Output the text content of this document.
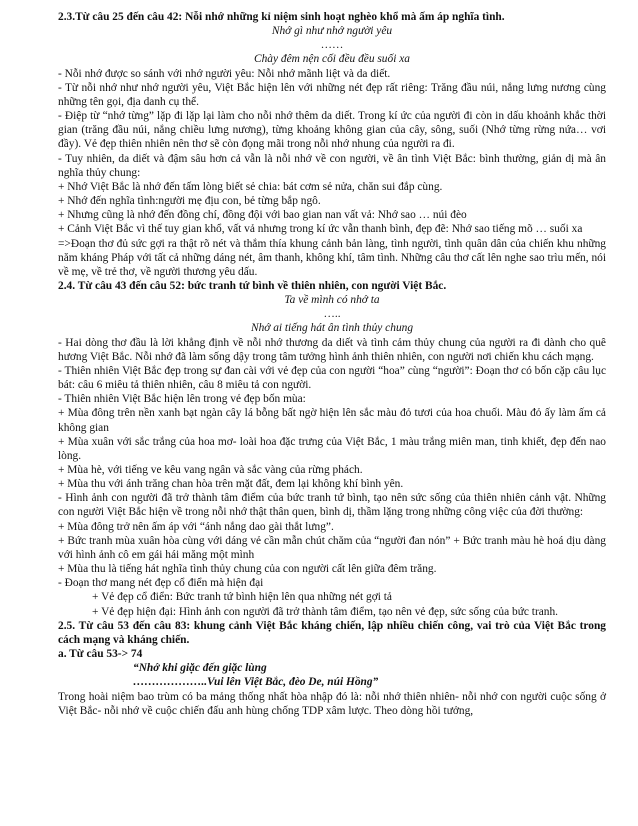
2.3.Từ câu 25 đến câu 42: Nỗi nhớ những kỉ niệm sinh hoạt nghèo khổ mà ấm áp nghĩa tình.

Nhớ gì như nhớ người yêu

……

Chày đêm nện cối đều đều suối xa

- Nỗi nhớ được so sánh với nhớ người yêu: Nỗi nhớ mãnh liệt và da diết.

- Từ nỗi nhớ như nhớ người yêu, Việt Bắc hiện lên với những nét đẹp rất riêng: Trăng đầu núi, nắng lưng nương cùng những tên gọi, địa danh cụ thể.

- Điệp từ “nhớ từng” lặp đi lặp lại làm cho nỗi nhớ thêm da diết. Trong kí ức của người đi còn in dấu khoảnh khắc thời gian (trăng đầu núi, nắng chiều lưng nương), từng khoảng không gian của cây, sông, suối (Nhớ từng rừng nứa… vơi đầy). Vẻ đẹp thiên nhiên nên thơ sẽ còn đọng mãi trong nỗi nhớ nhung của người ra đi.

- Tuy nhiên, da diết và đậm sâu hơn cả vẫn là nỗi nhớ về con người, về ân tình Việt Bắc: bình thường, giản dị mà ân nghĩa thủy chung:

+ Nhớ Việt Bắc là nhớ đến tấm lòng biết sẻ chia: bát cơm sẻ nửa, chăn sui đắp cùng.

+ Nhớ đến nghĩa tình:người mẹ địu con, bẻ từng bắp ngô.

+ Nhưng cũng là nhớ đến đồng chí, đồng đội với bao gian nan vất vả: Nhớ sao … núi đèo

+ Cảnh Việt Bắc vì thế tuy gian khổ, vất vả nhưng trong kí ức vẫn thanh bình, đẹp đẽ: Nhớ sao tiếng mõ … suối xa

=>Đoạn thơ đủ sức gợi ra thật rõ nét và thắm thía khung cảnh bản làng, tình người, tình quân dân của chiến khu những năm kháng Pháp với tất cả những dáng nét, âm thanh, không khí, tâm tình. Những câu thơ cất lên nghe sao trìu mến, nói về mẹ, về trẻ thơ, về người thương yêu dấu.

2.4. Từ câu 43 đến câu 52: bức tranh tứ bình về thiên nhiên, con người Việt Bắc.

Ta về mình có nhớ ta

…..

Nhớ ai tiếng hát ân tình thủy chung

- Hai dòng thơ đầu là lời khẳng định về nỗi nhớ thương da diết và tình cảm thủy chung của người ra đi dành cho quê hương Việt Bắc. Nỗi nhớ đã làm sống dậy trong tâm tưởng hình ảnh thiên nhiên, con người nơi chiến khu cách mạng.

- Thiên nhiên Việt Bắc đẹp trong sự đan cài với vẻ đẹp của con người “hoa” cùng “người”: Đoạn thơ có bốn cặp câu lục bát: câu 6 miêu tả thiên nhiên, câu 8 miêu tả con người.

- Thiên nhiên Việt Bắc hiện lên trong vẻ đẹp bốn mùa:

+ Mùa đông trên nền xanh bạt ngàn cây lá bỗng bất ngờ hiện lên sắc màu đỏ tươi của hoa chuối. Màu đỏ ấy làm ấm cả không gian

+ Mùa xuân với sắc trắng của hoa mơ- loài hoa đặc trưng của Việt Bắc, 1 màu trắng miên man, tinh khiết, đẹp đến nao lòng.

+ Mùa hè, với tiếng ve kêu vang ngân và sắc vàng của rừng phách.

+ Mùa thu với ánh trăng chan hòa trên mặt đất, đem lại không khí bình yên.

- Hình ảnh con người đã trở thành tâm điểm của bức tranh tứ bình, tạo nên sức sống của thiên nhiên cảnh vật. Những con người Việt Bắc hiện về trong nỗi nhớ thật thân quen, bình dị, thầm lặng trong những công việc của đời thường:

+ Mùa đông trở nên ấm áp với “ánh nắng dao gài thắt lưng”.

+ Bức tranh mùa xuân hòa cùng với dáng vẻ cần mẫn chút chăm của “người đan nón” + Bức tranh màu hè hoá dịu dàng với hình ảnh cô em gái hái măng một mình

+ Mùa thu là tiếng hát nghĩa tình thủy chung của con người cất lên giữa đêm trăng.

- Đoạn thơ mang nét đẹp cổ điển mà hiện đại

+ Vẻ đẹp cổ điển: Bức tranh tứ bình hiện lên qua những nét gợi tả

+ Vẻ đẹp hiện đại: Hình ảnh con người đã trở thành tâm điểm, tạo nên vẻ đẹp, sức sống của bức tranh.

2.5. Từ câu 53 đến câu 83: khung cảnh Việt Bắc kháng chiến, lập nhiều chiến công, vai trò của Việt Bắc trong cách mạng và kháng chiến.

a. Từ câu 53-> 74

“Nhớ khi giặc đến giặc lùng

………………..Vui lên Việt Bắc, đèo De, núi Hồng”

Trong hoài niệm bao trùm có ba mảng thống nhất hòa nhập đó là: nỗi nhớ thiên nhiên- nỗi nhớ con người cuộc sống ở Việt Bắc- nỗi nhớ về cuộc chiến đấu anh hùng chống TDP xâm lược. Theo dòng hồi tưởng,
